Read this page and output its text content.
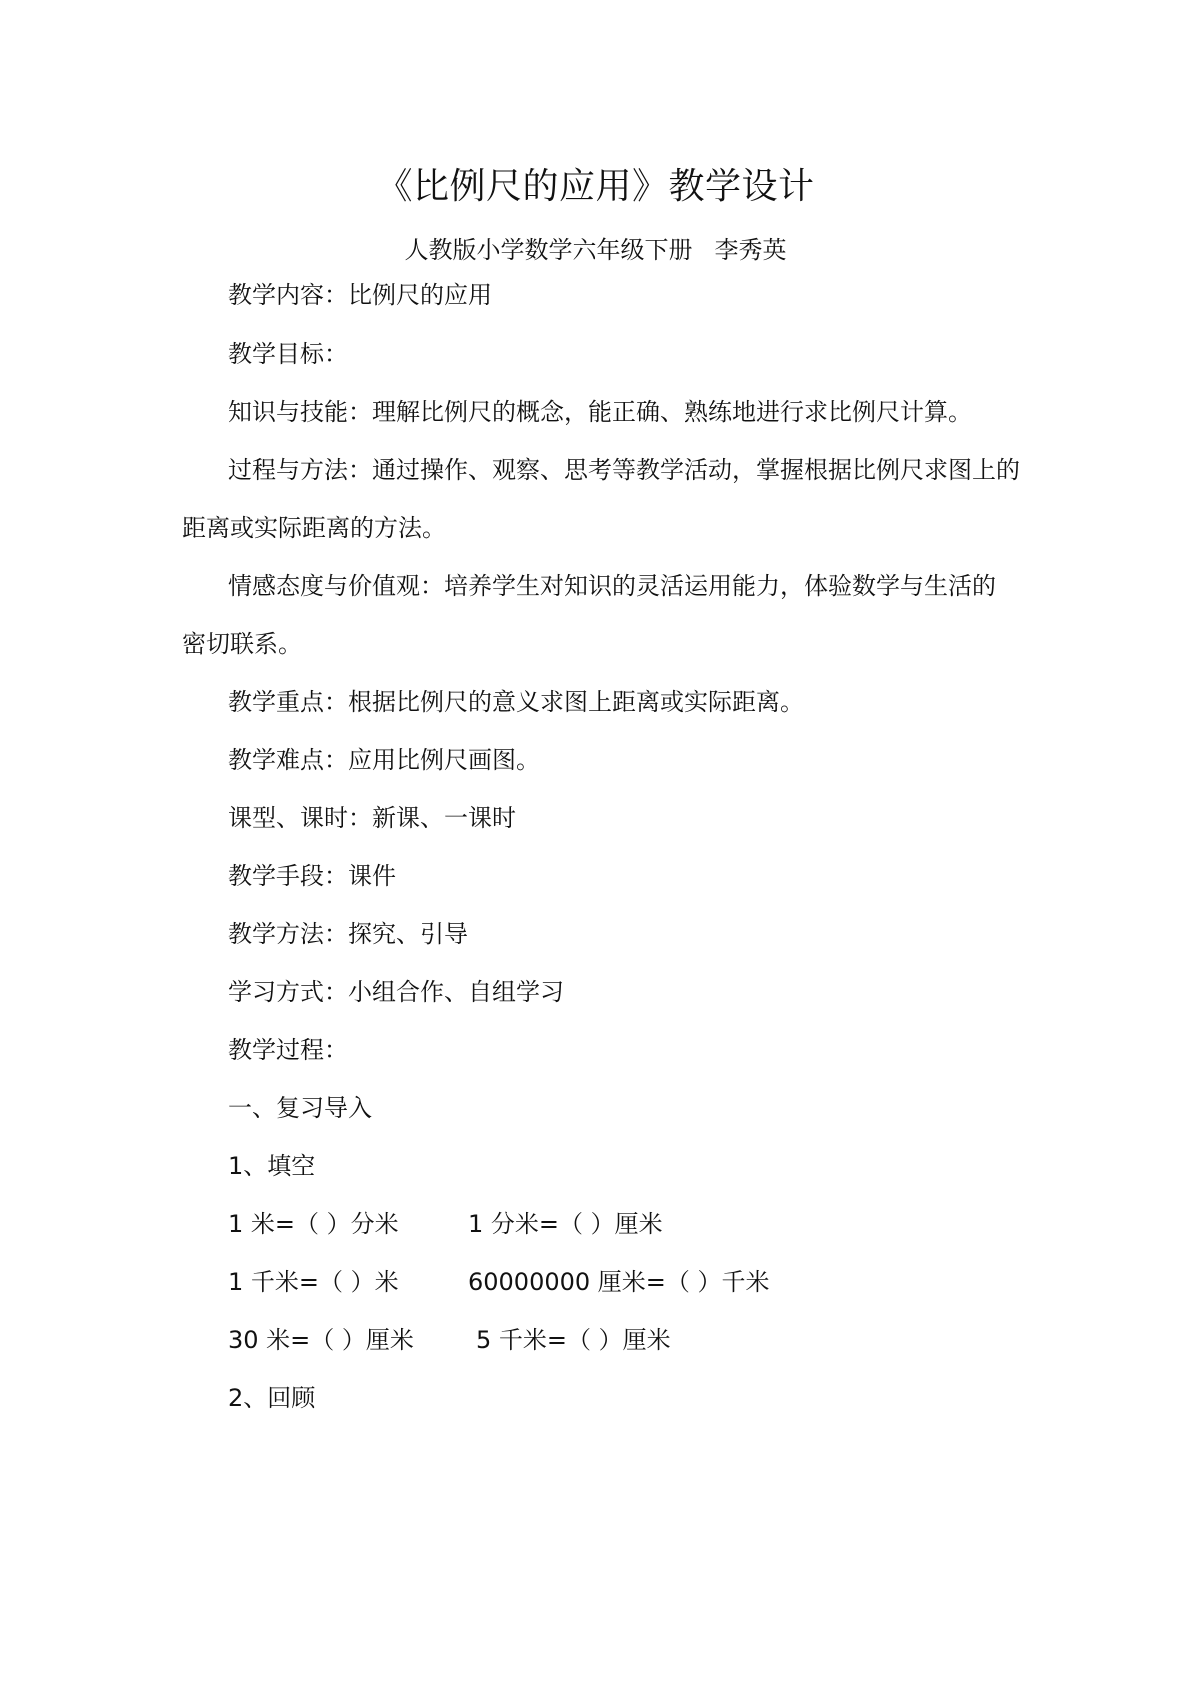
《比例尺的应用》教学设计
人教版小学数学六年级下册 李秀英
教学内容：比例尺的应用
教学目标：
知识与技能：理解比例尺的概念，能正确、熟练地进行求比例尺计算。
过程与方法：通过操作、观察、思考等教学活动，掌握根据比例尺求图上的
距离或实际距离的方法。
情感态度与价值观：培养学生对知识的灵活运用能力，体验数学与生活的
密切联系。
教学重点：根据比例尺的意义求图上距离或实际距离。
教学难点：应用比例尺画图。
课型、课时：新课、一课时
教学手段：课件
教学方法：探究、引导
学习方式：小组合作、自组学习
教学过程：
一、复习导入
1、填空
1 米=（ ）分米	1 分米=（ ）厘米
1 千米=（ ）米	60000000 厘米=（ ）千米
30 米=（ ）厘米	5 千米=（ ）厘米
2、回顾
